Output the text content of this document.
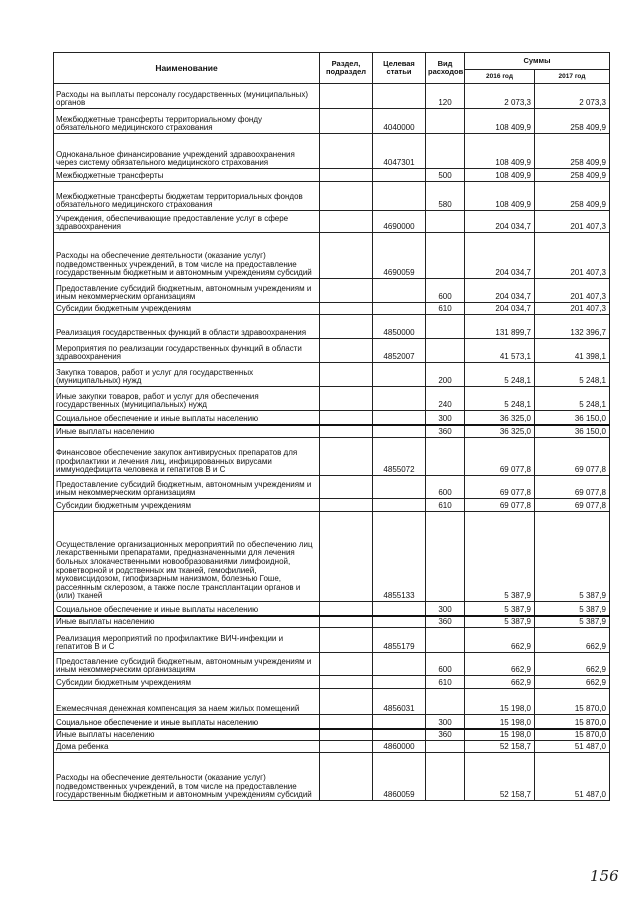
Наименование	Раздел, подраздел	Целевая статьи	Вид расходов	Суммы	
				2016 год	2017 год
Расходы на выплаты персоналу государственных (муниципальных) органов			120	2 073,3	2 073,3
Межбюджетные трансферты территориальному фонду обязательного медицинского страхования		4040000		108 409,9	258 409,9
Одноканальное финансирование учреждений здравоохранения через систему обязательного медицинского страхования		4047301		108 409,9	258 409,9
Межбюджетные трансферты			500	108 409,9	258 409,9
Межбюджетные трансферты бюджетам территориальных фондов обязательного медицинского страхования			580	108 409,9	258 409,9
Учреждения, обеспечивающие предоставление услуг в сфере здравоохранения		4690000		204 034,7	201 407,3
Расходы на обеспечение деятельности (оказание услуг) подведомственных учреждений, в том числе на предоставление государственным бюджетным и автономным учреждениям субсидий		4690059		204 034,7	201 407,3
Предоставление субсидий бюджетным, автономным учреждениям и иным некоммерческим организациям			600	204 034,7	201 407,3
Субсидии бюджетным учреждениям			610	204 034,7	201 407,3
Реализация государственных функций в области здравоохранения		4850000		131 899,7	132 396,7
Мероприятия по реализации государственных функций в области здравоохранения		4852007		41 573,1	41 398,1
Закупка товаров, работ и услуг для государственных (муниципальных) нужд			200	5 248,1	5 248,1
Иные закупки товаров, работ и услуг для обеспечения государственных (муниципальных) нужд			240	5 248,1	5 248,1
Социальное обеспечение и иные выплаты населению			300	36 325,0	36 150,0
Иные выплаты населению			360	36 325,0	36 150,0
Финансовое обеспечение закупок антивирусных препаратов для профилактики и лечения лиц, инфицированных вирусами иммунодефицита человека и гепатитов В и С		4855072		69 077,8	69 077,8
Предоставление субсидий бюджетным, автономным учреждениям и иным некоммерческим организациям			600	69 077,8	69 077,8
Субсидии бюджетным учреждениям			610	69 077,8	69 077,8
Осуществление организационных мероприятий по обеспечению лиц лекарственными препаратами, предназначенными для лечения больных злокачественными новообразованиями лимфоидной, кроветворной и родственных им тканей, гемофилией, муковисцидозом, гипофизарным нанизмом, болезнью Гоше, рассеянным склерозом, а также после трансплантации органов и (или) тканей		4855133		5 387,9	5 387,9
Социальное обеспечение и иные выплаты населению			300	5 387,9	5 387,9
Иные выплаты населению			360	5 387,9	5 387,9
Реализация мероприятий по профилактике ВИЧ-инфекции и гепатитов В и С		4855179		662,9	662,9
Предоставление субсидий бюджетным, автономным учреждениям и иным некоммерческим организациям			600	662,9	662,9
Субсидии бюджетным учреждениям			610	662,9	662,9
Ежемесячная денежная компенсация за наем жилых помещений		4856031		15 198,0	15 870,0
Социальное обеспечение и иные выплаты населению			300	15 198,0	15 870,0
Иные выплаты населению			360	15 198,0	15 870,0
Дома ребенка		4860000		52 158,7	51 487,0
Расходы на обеспечение деятельности (оказание услуг) подведомственных учреждений, в том числе на предоставление государственным бюджетным и автономным учреждениям субсидий		4860059		52 158,7	51 487,0
156
